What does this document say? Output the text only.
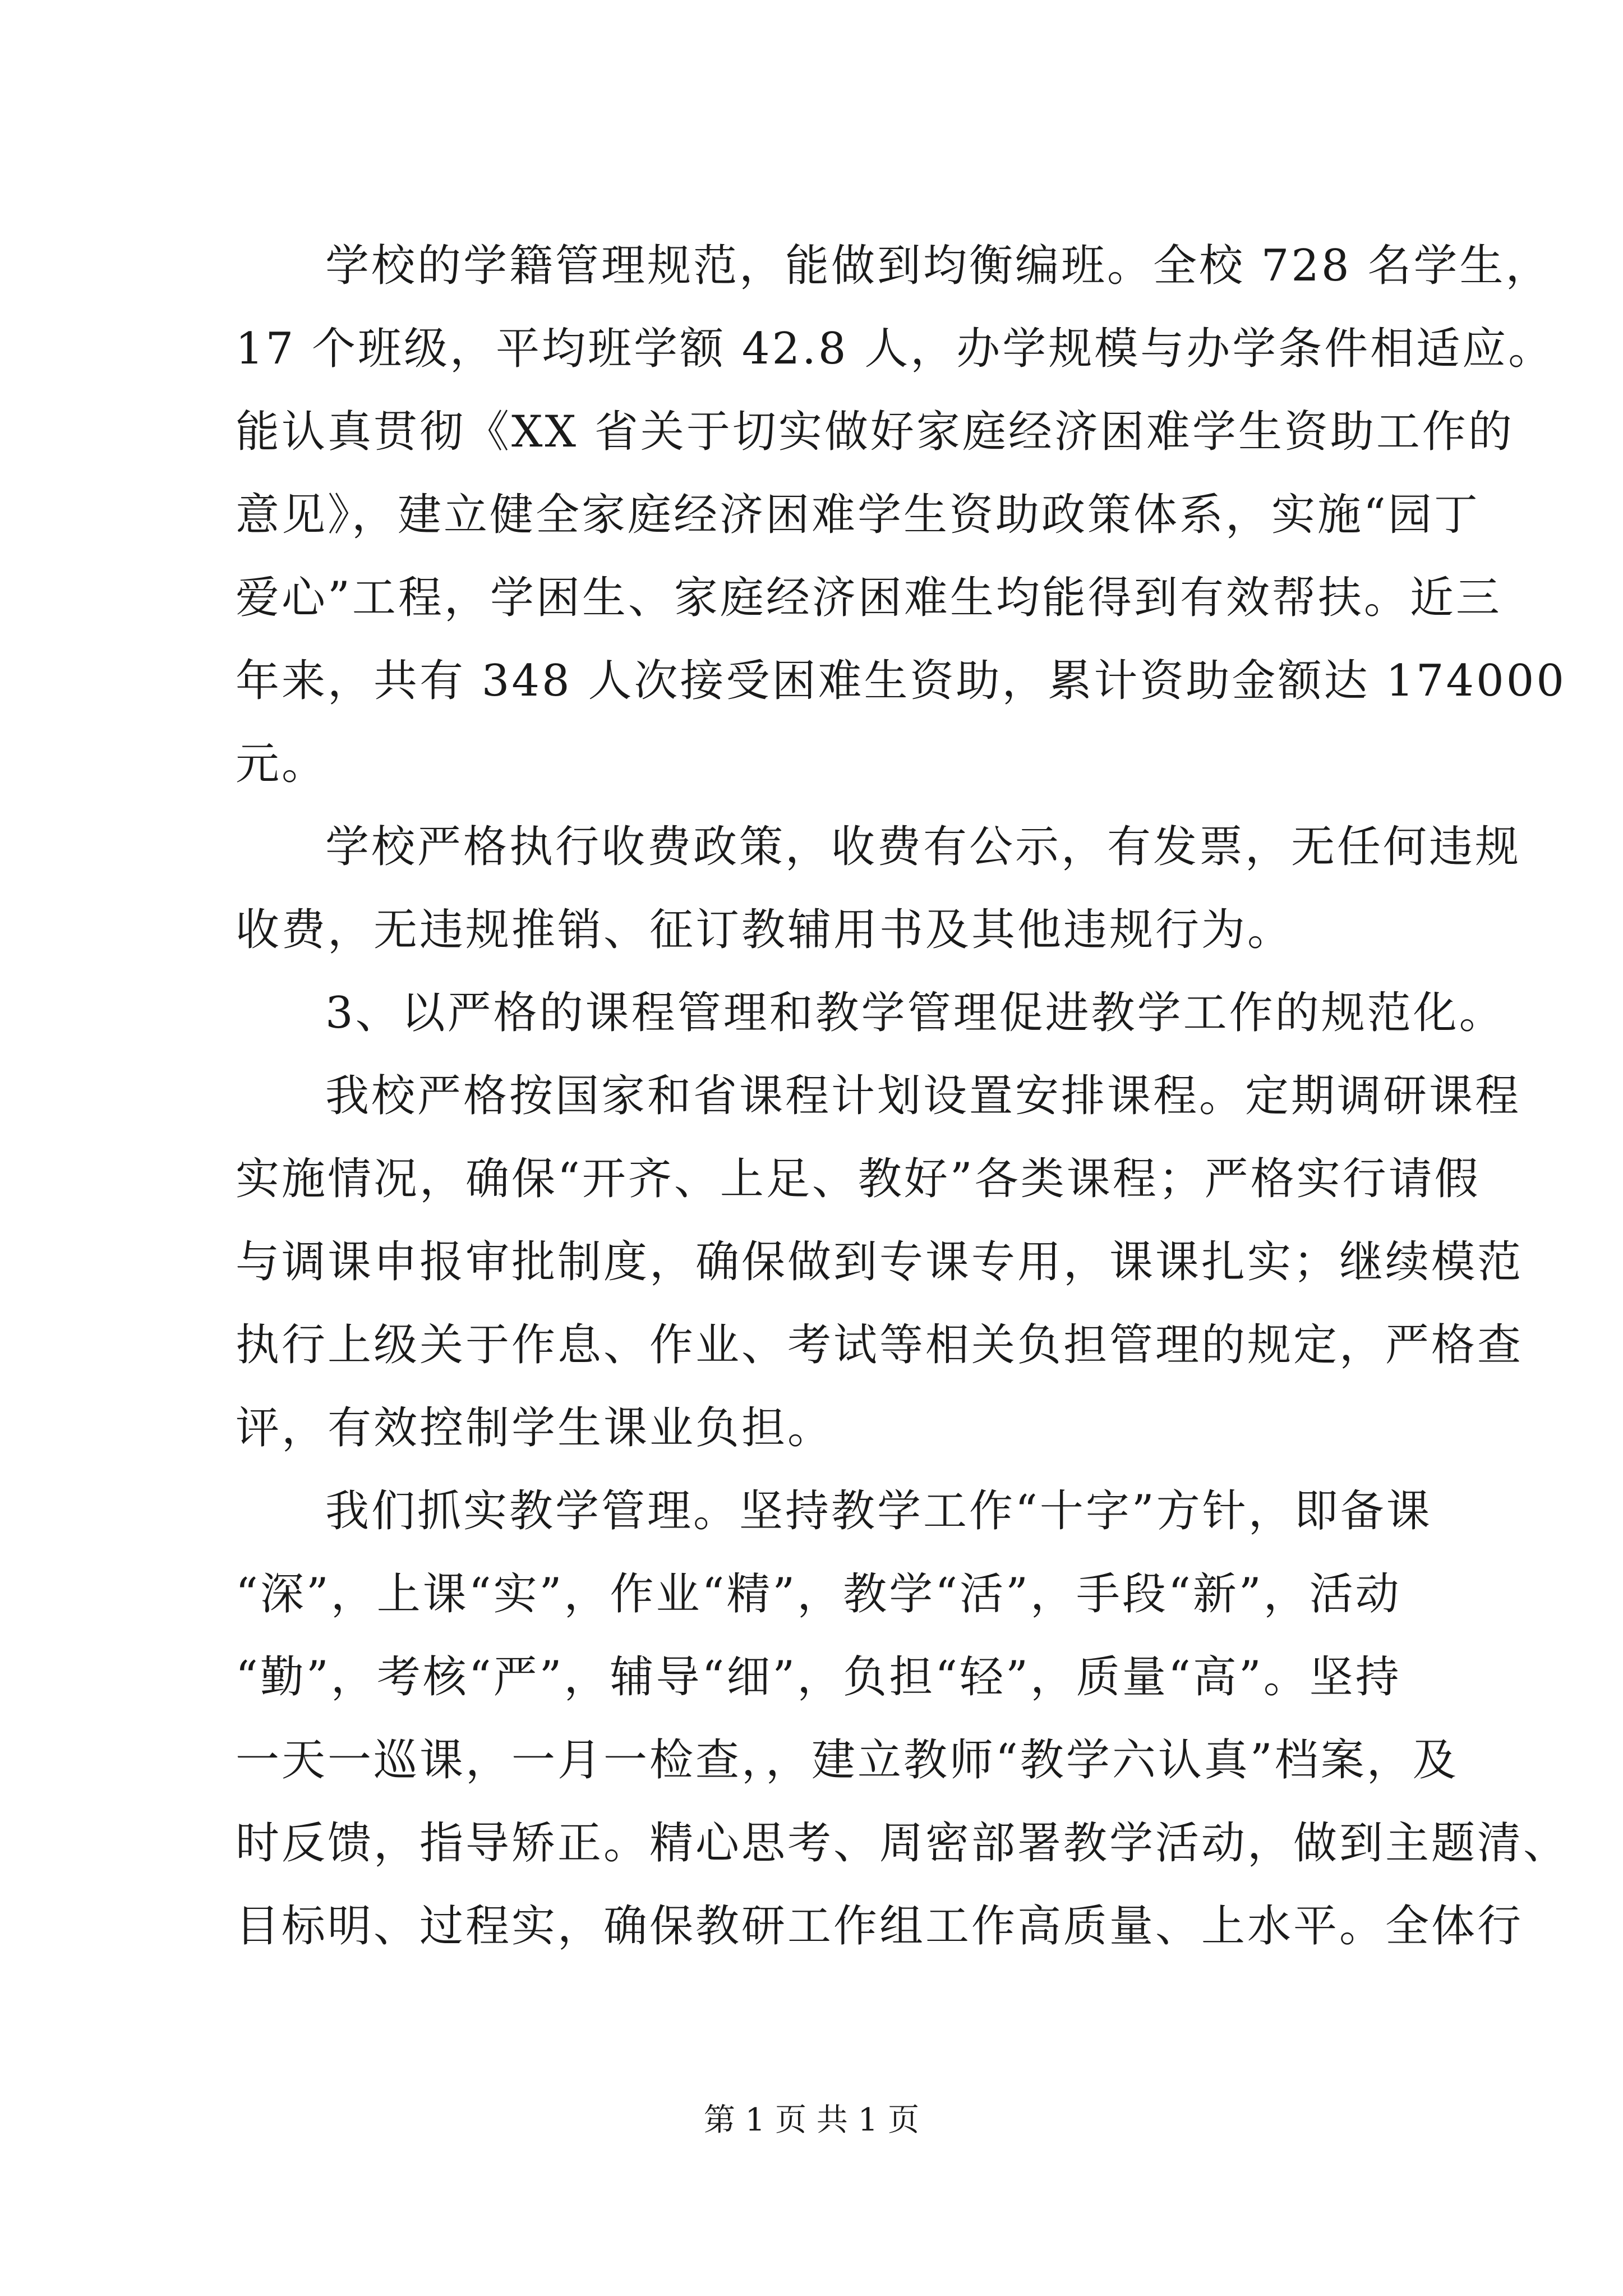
学校的学籍管理规范，能做到均衡编班。全校 728 名学生，
17 个班级，平均班学额 42.8 人，办学规模与办学条件相适应。
能认真贯彻《XX 省关于切实做好家庭经济困难学生资助工作的
意见》，建立健全家庭经济困难学生资助政策体系，实施“园丁
爱心”工程，学困生、家庭经济困难生均能得到有效帮扶。近三
年来，共有 348 人次接受困难生资助，累计资助金额达 174000
元。
学校严格执行收费政策，收费有公示，有发票，无任何违规
收费，无违规推销、征订教辅用书及其他违规行为。
3、以严格的课程管理和教学管理促进教学工作的规范化。
我校严格按国家和省课程计划设置安排课程。定期调研课程
实施情况，确保“开齐、上足、教好”各类课程；严格实行请假
与调课申报审批制度，确保做到专课专用，课课扎实；继续模范
执行上级关于作息、作业、考试等相关负担管理的规定，严格查
评，有效控制学生课业负担。
我们抓实教学管理。坚持教学工作“十字”方针，即备课
“深”，上课“实”，作业“精”，教学“活”，手段“新”，活动
“勤”，考核“严”，辅导“细”，负担“轻”，质量“高”。坚持
一天一巡课，一月一检查，，建立教师“教学六认真”档案，及
时反馈，指导矫正。精心思考、周密部署教学活动，做到主题清、
目标明、过程实，确保教研工作组工作高质量、上水平。全体行
第 1 页 共 1 页
